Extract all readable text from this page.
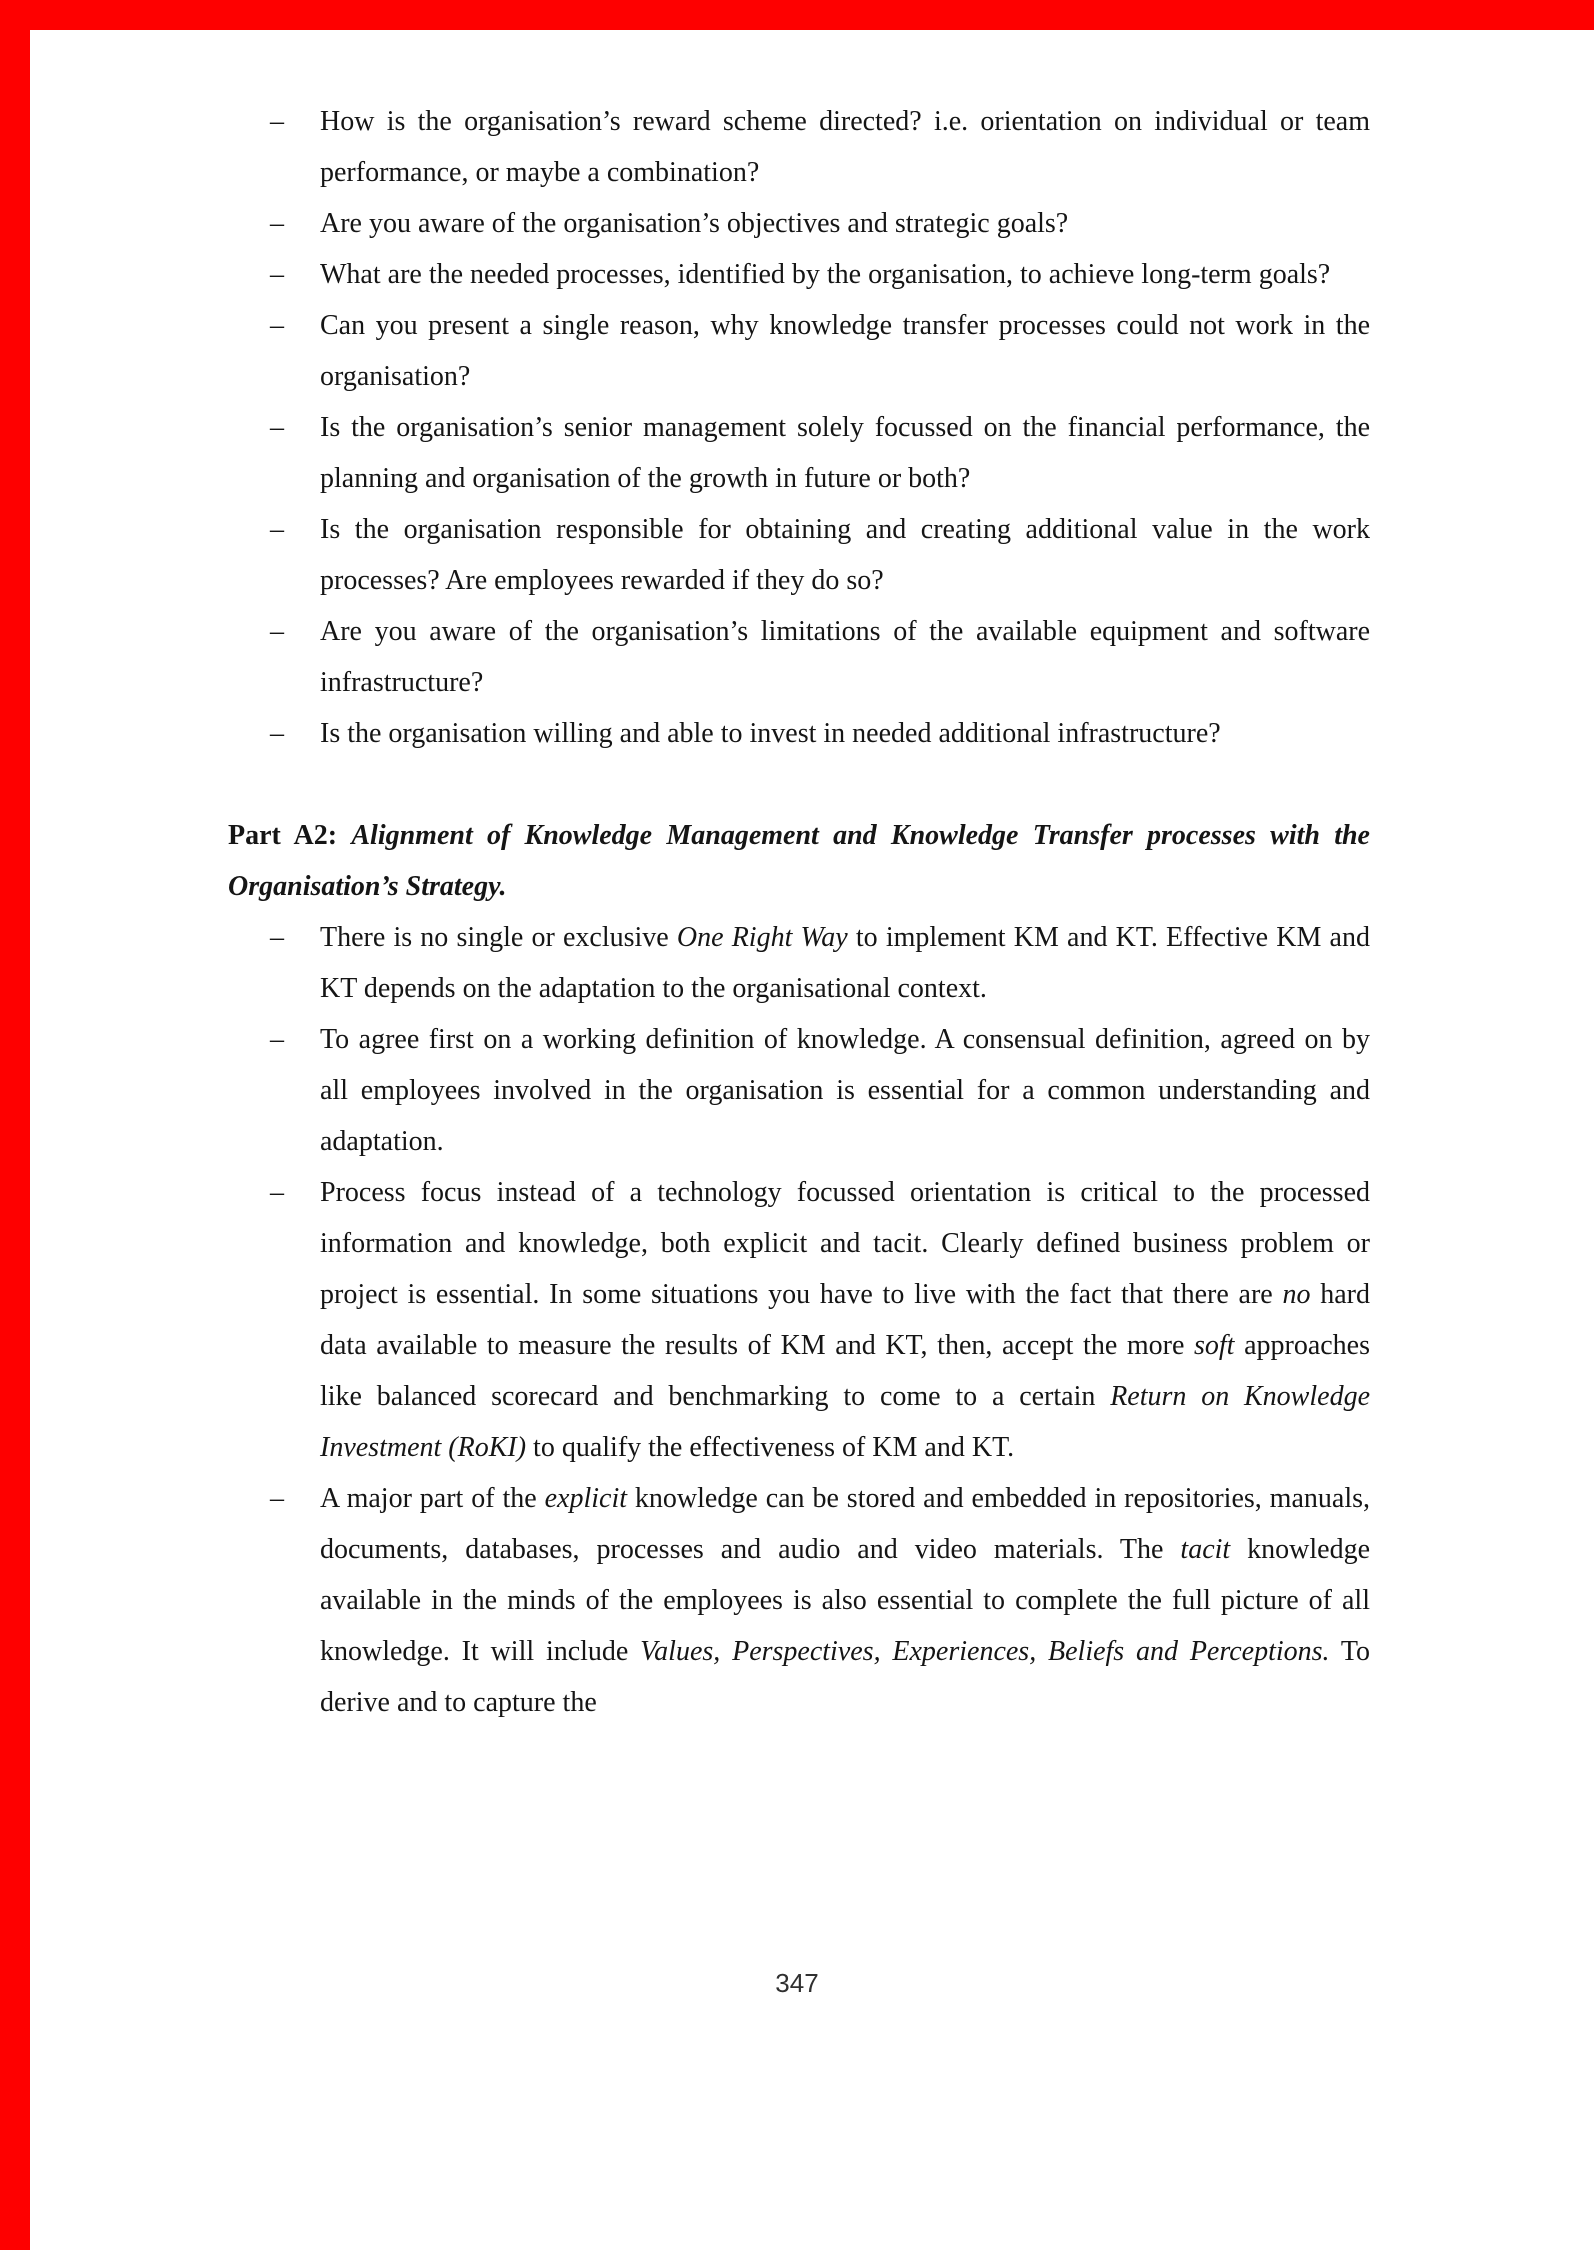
– How is the organisation’s reward scheme directed? i.e. orientation on individual or team performance, or maybe a combination?
– Are you aware of the organisation’s objectives and strategic goals?
– What are the needed processes, identified by the organisation, to achieve long-term goals?
– Can you present a single reason, why knowledge transfer processes could not work in the organisation?
– Is the organisation’s senior management solely focussed on the financial performance, the planning and organisation of the growth in future or both?
– Is the organisation responsible for obtaining and creating additional value in the work processes? Are employees rewarded if they do so?
– Are you aware of the organisation’s limitations of the available equipment and software infrastructure?
– Is the organisation willing and able to invest in needed additional infrastructure?
Part A2: Alignment of Knowledge Management and Knowledge Transfer processes with the Organisation’s Strategy.
– There is no single or exclusive One Right Way to implement KM and KT. Effective KM and KT depends on the adaptation to the organisational context.
– To agree first on a working definition of knowledge. A consensual definition, agreed on by all employees involved in the organisation is essential for a common understanding and adaptation.
– Process focus instead of a technology focussed orientation is critical to the processed information and knowledge, both explicit and tacit. Clearly defined business problem or project is essential. In some situations you have to live with the fact that there are no hard data available to measure the results of KM and KT, then, accept the more soft approaches like balanced scorecard and benchmarking to come to a certain Return on Knowledge Investment (RoKI) to qualify the effectiveness of KM and KT.
– A major part of the explicit knowledge can be stored and embedded in repositories, manuals, documents, databases, processes and audio and video materials. The tacit knowledge available in the minds of the employees is also essential to complete the full picture of all knowledge. It will include Values, Perspectives, Experiences, Beliefs and Perceptions. To derive and to capture the
347
